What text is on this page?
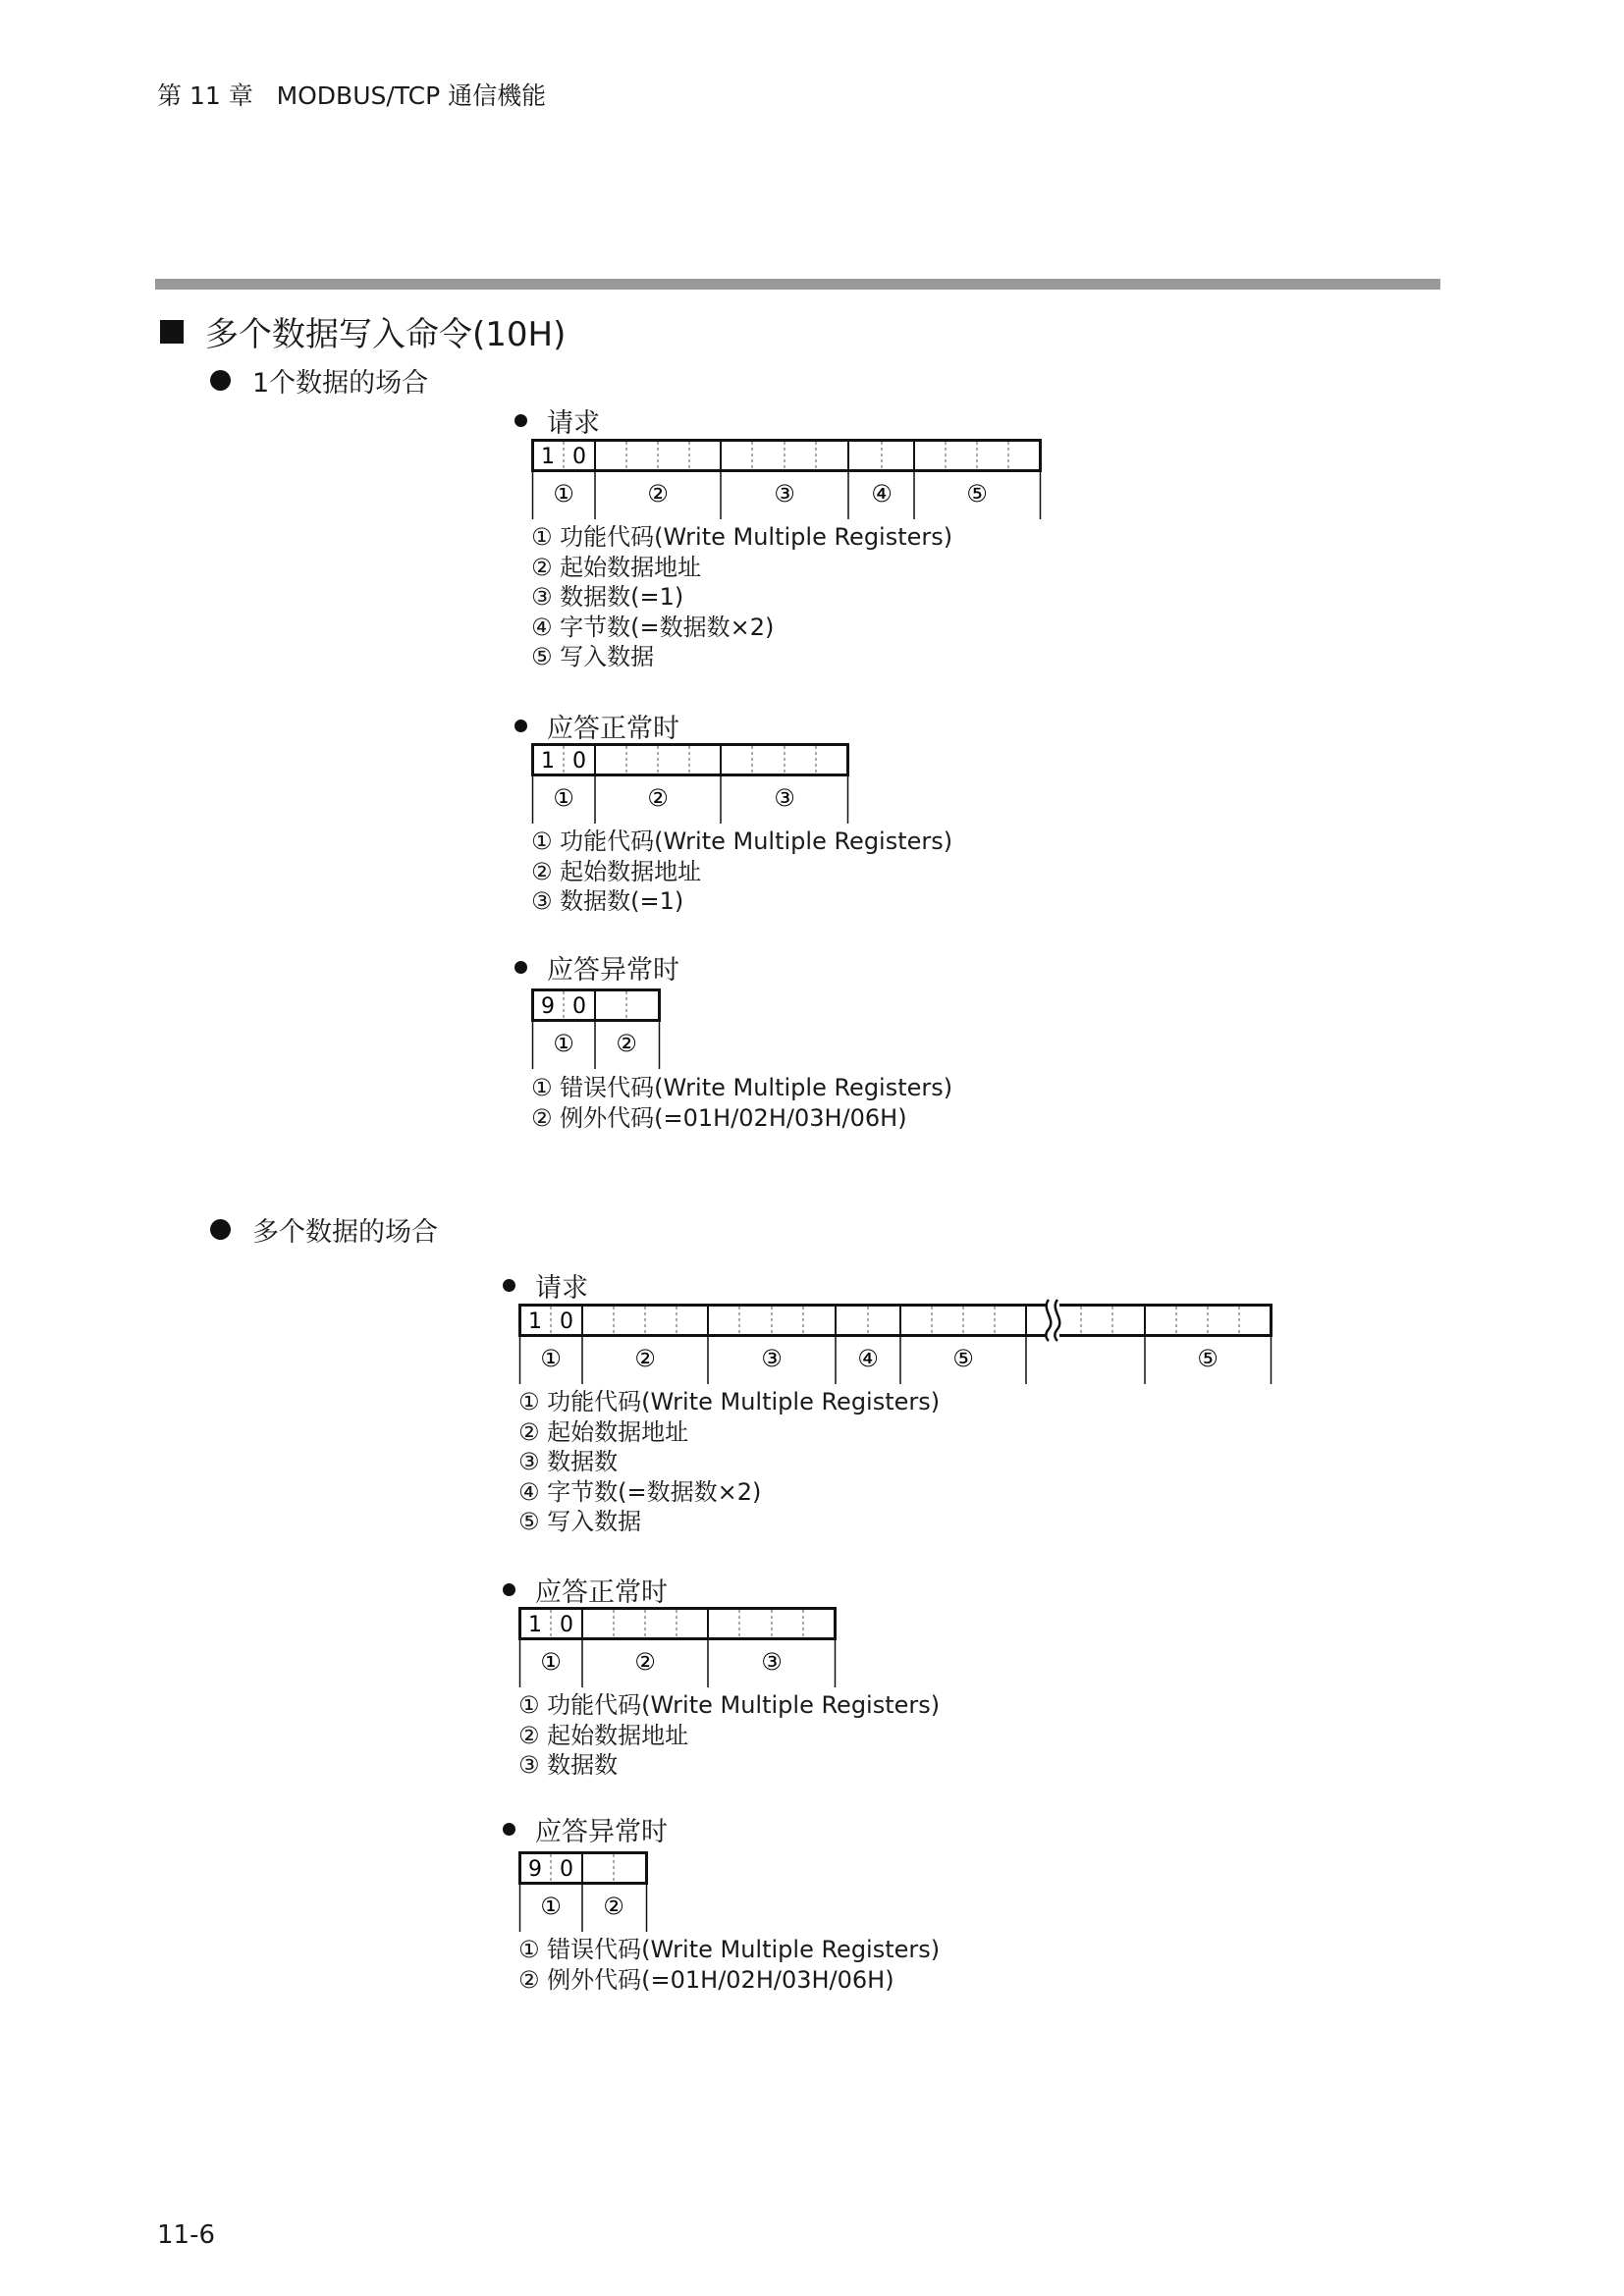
第 11 章 MODBUS/TCP 通信機能
多个数据写入命令(10H)
1个数据的场合
请求
1 0
①	②	③	④	⑤
① 功能代码(Write Multiple Registers)
② 起始数据地址
③ 数据数(=1)
④ 字节数(=数据数×2)
⑤ 写入数据
应答正常时
1 0
①	②	③
① 功能代码(Write Multiple Registers)
② 起始数据地址
③ 数据数(=1)
应答异常时
9 0
① ②
① 错误代码(Write Multiple Registers)
② 例外代码(=01H/02H/03H/06H)
多个数据的场合
请求
1 0
①	②	③	④	⑤	⑤
① 功能代码(Write Multiple Registers)
② 起始数据地址
③ 数据数
④ 字节数(=数据数×2)
⑤ 写入数据
应答正常时
1 0
①	②	③
① 功能代码(Write Multiple Registers)
② 起始数据地址
③ 数据数
应答异常时
9 0
① ②
① 错误代码(Write Multiple Registers)
② 例外代码(=01H/02H/03H/06H)
11-6
